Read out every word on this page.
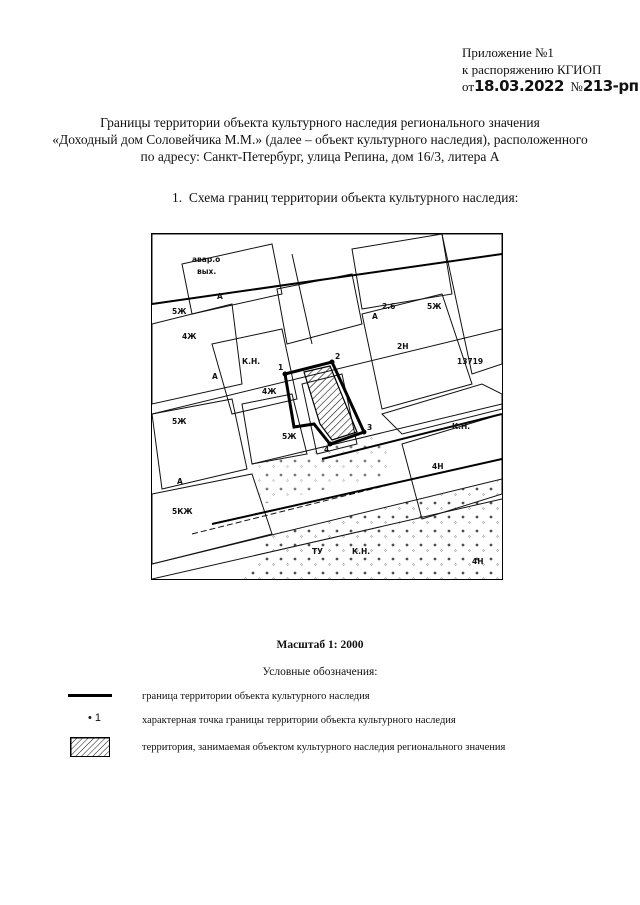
Приложение №1
к распоряжению КГИОП
от18.03.2022 №213-рп
Границы территории объекта культурного наследия регионального значения
«Доходный дом Соловейчика М.М.» (далее – объект культурного наследия), расположенного
по адресу: Санкт-Петербург, улица Репина, дом 16/3, литера А
1. Схема границ территории объекта культурного наследия:
1
2
3
4
авар.о
вых.
5Ж
А
4Ж
К.Н.
А
4Ж
5Ж
5Ж
А
5КЖ
2.6
А
2Н
5Ж
13719
К.Н.
4Н
К.Н.
ТУ
4Н
Масштаб 1: 2000
Условные обозначения:
граница территории объекта культурного наследия
• 1	характерная точка границы территории объекта культурного наследия
территория, занимаемая объектом культурного наследия регионального значения
